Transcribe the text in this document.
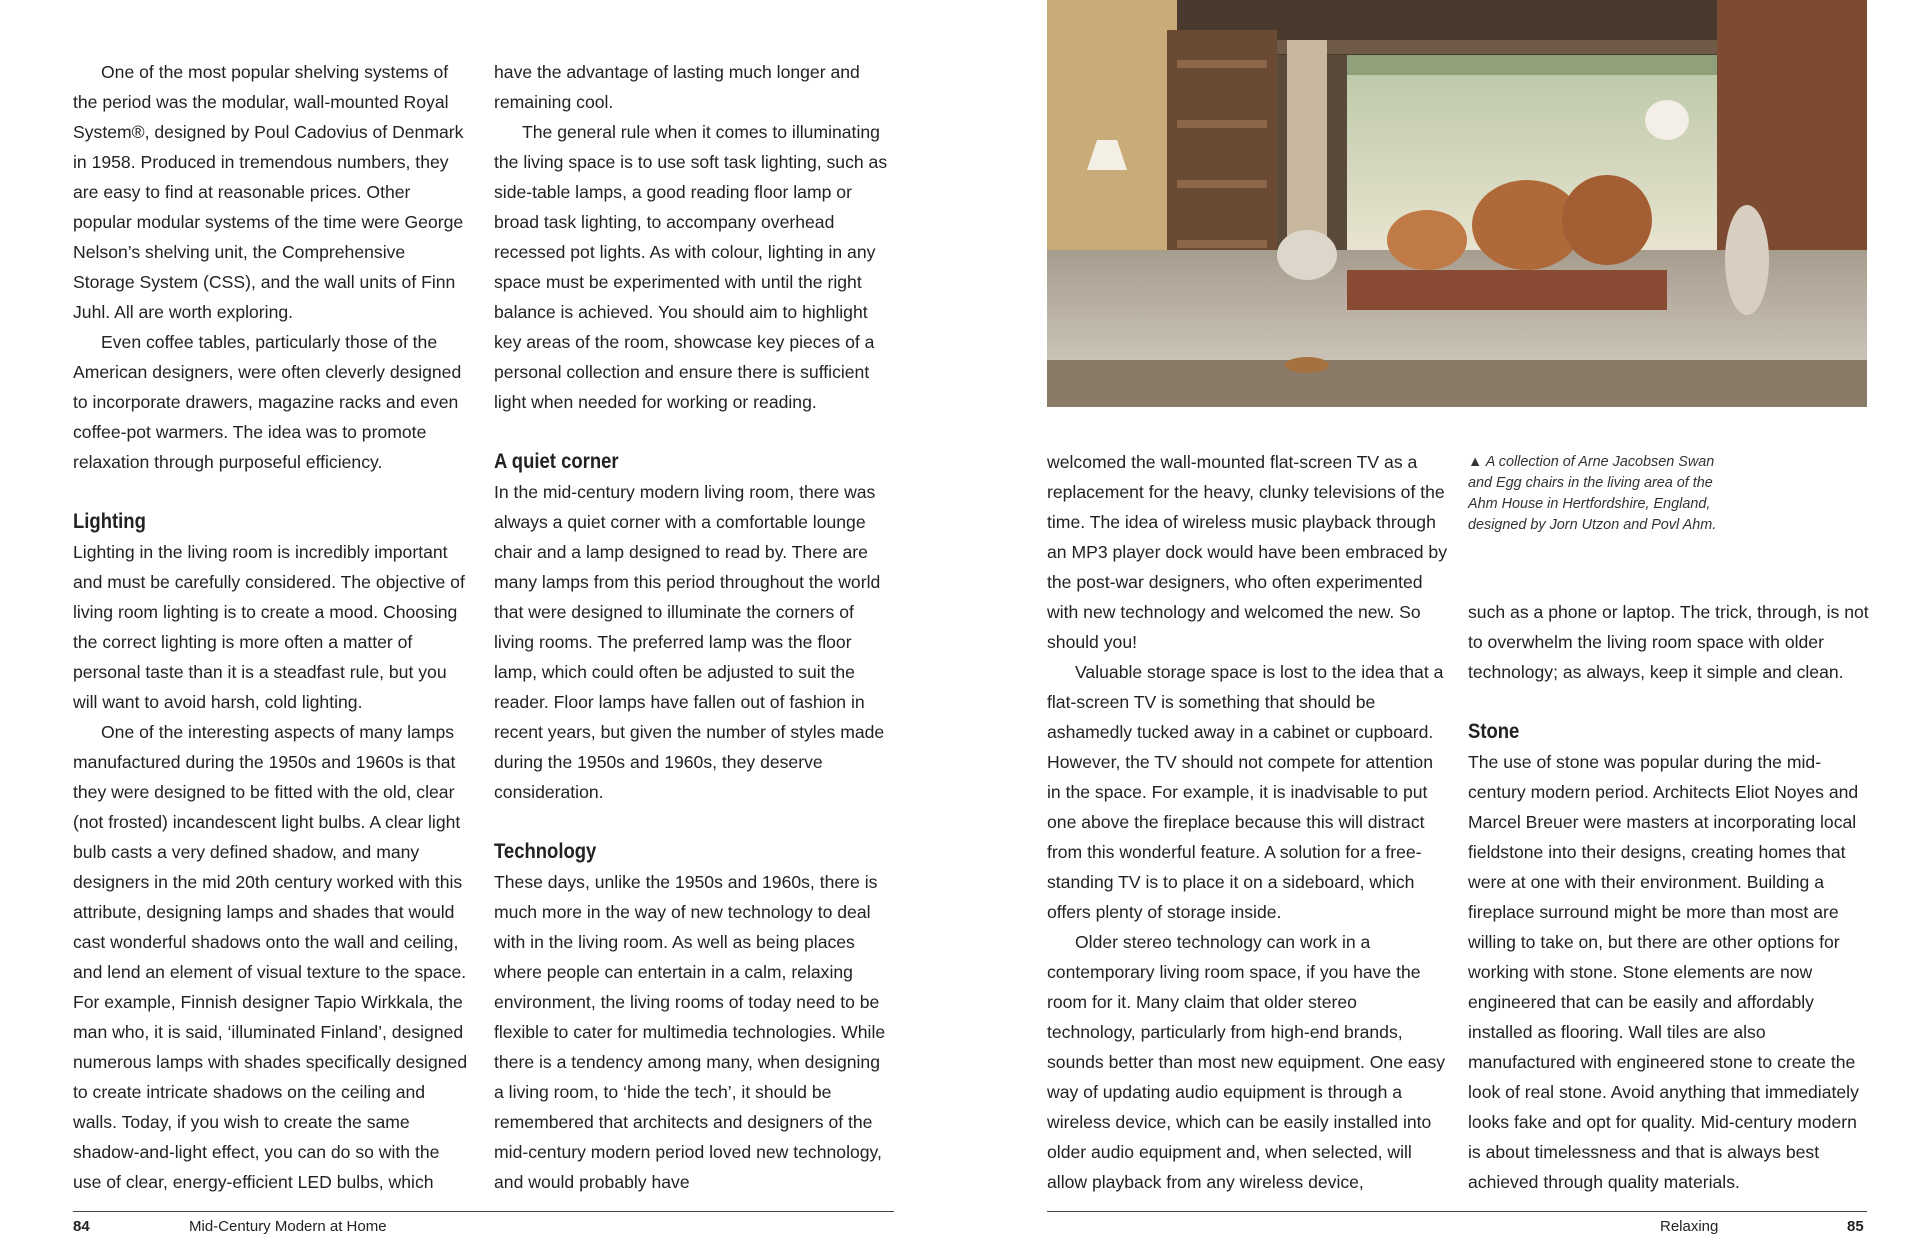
One of the most popular shelving systems of the period was the modular, wall-mounted Royal System®, designed by Poul Cadovius of Denmark in 1958. Produced in tremendous numbers, they are easy to find at reasonable prices. Other popular modular systems of the time were George Nelson’s shelving unit, the Comprehensive Storage System (CSS), and the wall units of Finn Juhl. All are worth exploring.

Even coffee tables, particularly those of the American designers, were often cleverly designed to incorporate drawers, magazine racks and even coffee-pot warmers. The idea was to promote relaxation through purposeful efficiency.

Lighting

Lighting in the living room is incredibly important and must be carefully considered. The objective of living room lighting is to create a mood. Choosing the correct lighting is more often a matter of personal taste than it is a steadfast rule, but you will want to avoid harsh, cold lighting.

One of the interesting aspects of many lamps manufactured during the 1950s and 1960s is that they were designed to be fitted with the old, clear (not frosted) incandescent light bulbs. A clear light bulb casts a very defined shadow, and many designers in the mid 20th century worked with this attribute, designing lamps and shades that would cast wonderful shadows onto the wall and ceiling, and lend an element of visual texture to the space. For example, Finnish designer Tapio Wirkkala, the man who, it is said, ‘illuminated Finland’, designed numerous lamps with shades specifically designed to create intricate shadows on the ceiling and walls. Today, if you wish to create the same shadow-and-light effect, you can do so with the use of clear, energy-efficient LED bulbs, which

have the advantage of lasting much longer and remaining cool.

The general rule when it comes to illuminating the living space is to use soft task lighting, such as side-table lamps, a good reading floor lamp or broad task lighting, to accompany overhead recessed pot lights. As with colour, lighting in any space must be experimented with until the right balance is achieved. You should aim to highlight key areas of the room, showcase key pieces of a personal collection and ensure there is sufficient light when needed for working or reading.

A quiet corner

In the mid-century modern living room, there was always a quiet corner with a comfortable lounge chair and a lamp designed to read by. There are many lamps from this period throughout the world that were designed to illuminate the corners of living rooms. The preferred lamp was the floor lamp, which could often be adjusted to suit the reader. Floor lamps have fallen out of fashion in recent years, but given the number of styles made during the 1950s and 1960s, they deserve consideration.

Technology

These days, unlike the 1950s and 1960s, there is much more in the way of new technology to deal with in the living room. As well as being places where people can entertain in a calm, relaxing environment, the living rooms of today need to be flexible to cater for multimedia technologies. While there is a tendency among many, when designing a living room, to ‘hide the tech’, it should be remembered that architects and designers of the mid-century modern period loved new technology, and would probably have

84	Mid-Century Modern at Home
▲ A collection of Arne Jacobsen Swan and Egg chairs in the living area of the Ahm House in Hertfordshire, England, designed by Jorn Utzon and Povl Ahm.

welcomed the wall-mounted flat-screen TV as a replacement for the heavy, clunky televisions of the time. The idea of wireless music playback through an MP3 player dock would have been embraced by the post-war designers, who often experimented with new technology and welcomed the new. So should you!

Valuable storage space is lost to the idea that a flat-screen TV is something that should be ashamedly tucked away in a cabinet or cupboard. However, the TV should not compete for attention in the space. For example, it is inadvisable to put one above the fireplace because this will distract from this wonderful feature. A solution for a free-standing TV is to place it on a sideboard, which offers plenty of storage inside.

Older stereo technology can work in a contemporary living room space, if you have the room for it. Many claim that older stereo technology, particularly from high-end brands, sounds better than most new equipment. One easy way of updating audio equipment is through a wireless device, which can be easily installed into older audio equipment and, when selected, will allow playback from any wireless device,

such as a phone or laptop. The trick, through, is not to overwhelm the living room space with older technology; as always, keep it simple and clean.

Stone

The use of stone was popular during the mid-century modern period. Architects Eliot Noyes and Marcel Breuer were masters at incorporating local fieldstone into their designs, creating homes that were at one with their environment. Building a fireplace surround might be more than most are willing to take on, but there are other options for working with stone. Stone elements are now engineered that can be easily and affordably installed as flooring. Wall tiles are also manufactured with engineered stone to create the look of real stone. Avoid anything that immediately looks fake and opt for quality. Mid-century modern is about timelessness and that is always best achieved through quality materials.

Relaxing	85
